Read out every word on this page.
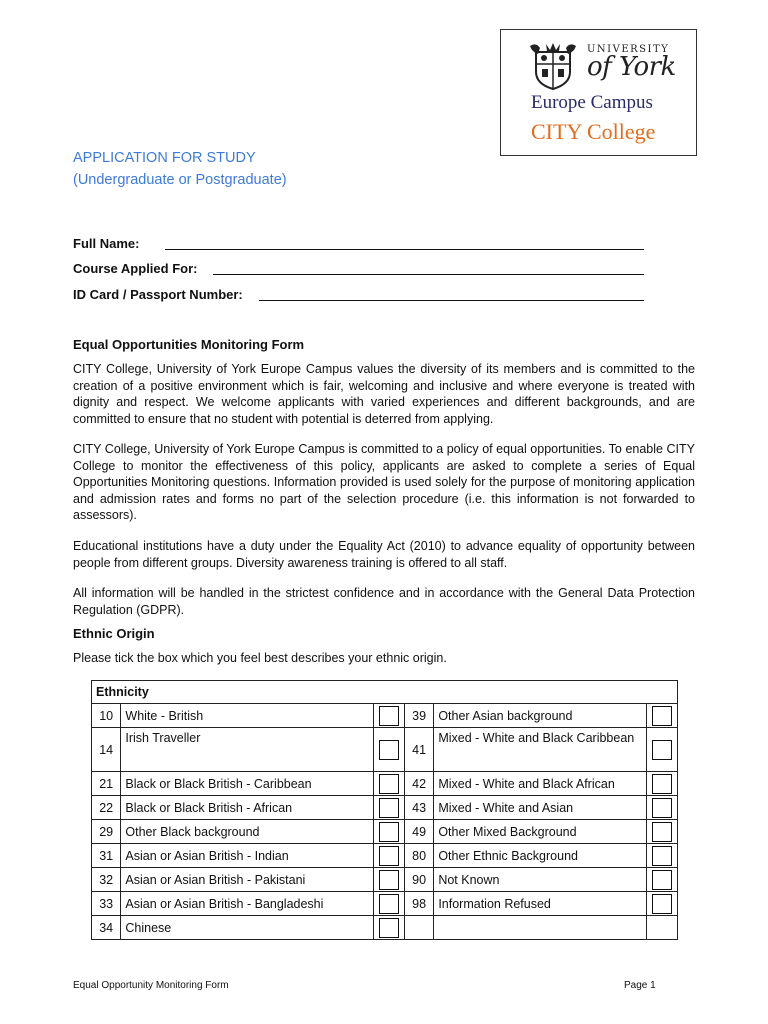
UNIVERSITY
of York
Europe Campus
CITY College
APPLICATION FOR STUDY
(Undergraduate or Postgraduate)
Full Name:
Course Applied For:
ID Card / Passport Number:
Equal Opportunities Monitoring Form

CITY College, University of York Europe Campus values the diversity of its members and is committed to the creation of a positive environment which is fair, welcoming and inclusive and where everyone is treated with dignity and respect. We welcome applicants with varied experiences and different backgrounds, and are committed to ensure that no student with potential is deterred from applying.

CITY College, University of York Europe Campus is committed to a policy of equal opportunities. To enable CITY College to monitor the effectiveness of this policy, applicants are asked to complete a series of Equal Opportunities Monitoring questions. Information provided is used solely for the purpose of monitoring application and admission rates and forms no part of the selection procedure (i.e. this information is not forwarded to assessors).

Educational institutions have a duty under the Equality Act (2010) to advance equality of opportunity between people from different groups. Diversity awareness training is offered to all staff.

All information will be handled in the strictest confidence and in accordance with the General Data Protection Regulation (GDPR).

Ethnic Origin
Please tick the box which you feel best describes your ethnic origin.
Ethnicity					
10	White - British		39	Other Asian background	
14	Irish Traveller		41	Mixed - White and Black Caribbean	
21	Black or Black British - Caribbean		42	Mixed - White and Black African	
22	Black or Black British - African		43	Mixed - White and Asian	
29	Other Black background		49	Other Mixed Background	
31	Asian or Asian British - Indian		80	Other Ethnic Background	
32	Asian or Asian British - Pakistani		90	Not Known	
33	Asian or Asian British - Bangladeshi		98	Information Refused	
34	Chinese				
Equal Opportunity Monitoring Form	Page 1
